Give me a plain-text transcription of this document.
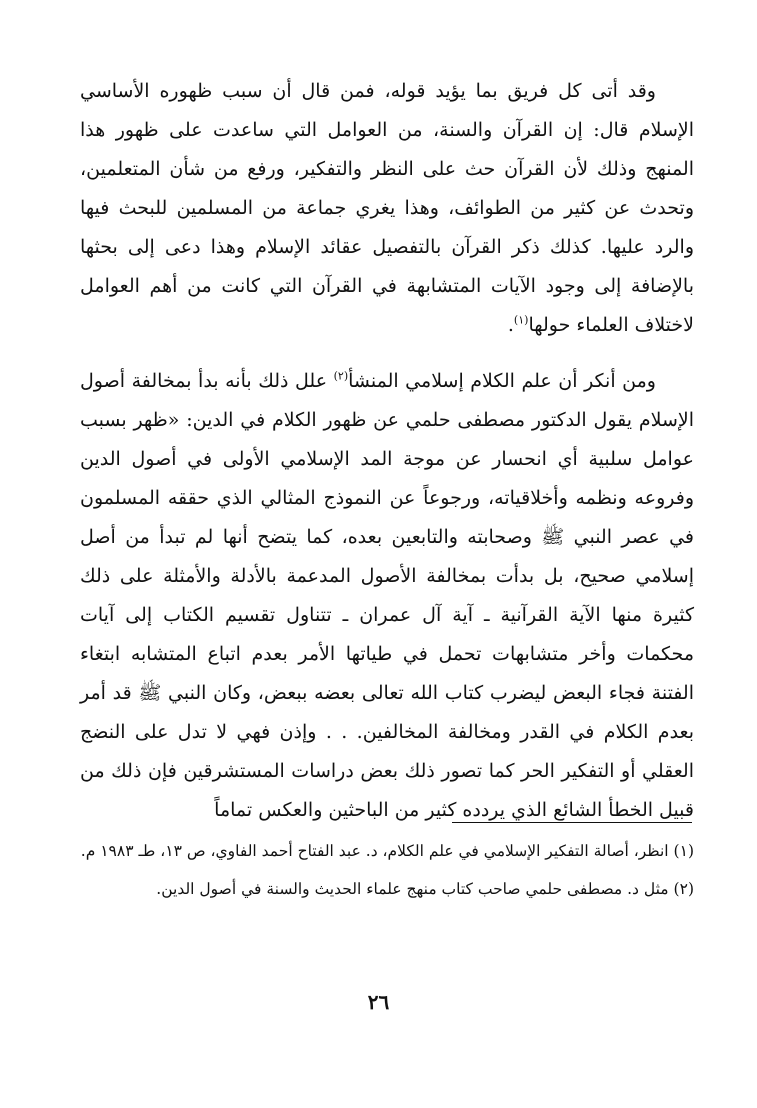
وقد أتى كل فريق بما يؤيد قوله، فمن قال أن سبب ظهوره الأساسي الإسلام قال: إن القرآن والسنة، من العوامل التي ساعدت على ظهور هذا المنهج وذلك لأن القرآن حث على النظر والتفكير، ورفع من شأن المتعلمين، وتحدث عن كثير من الطوائف، وهذا يغري جماعة من المسلمين للبحث فيها والرد عليها. كذلك ذكر القرآن بالتفصيل عقائد الإسلام وهذا دعى إلى بحثها بالإضافة إلى وجود الآيات المتشابهة في القرآن التي كانت من أهم العوامل لاختلاف العلماء حولها$^{(١)}$.

ومن أنكر أن علم الكلام إسلامي المنشأ$^{(٢)}$ علل ذلك بأنه بدأ بمخالفة أصول الإسلام يقول الدكتور مصطفى حلمي عن ظهور الكلام في الدين: «ظهر بسبب عوامل سلبية أي انحسار عن موجة المد الإسلامي الأولى في أصول الدين وفروعه ونظمه وأخلاقياته، ورجوعاً عن النموذج المثالي الذي حققه المسلمون في عصر النبي ﷺ وصحابته والتابعين بعده، كما يتضح أنها لم تبدأ من أصل إسلامي صحيح، بل بدأت بمخالفة الأصول المدعمة بالأدلة والأمثلة على ذلك كثيرة منها الآية القرآنية ـ آية آل عمران ـ تتناول تقسيم الكتاب إلى آيات محكمات وأخر متشابهات تحمل في طياتها الأمر بعدم اتباع المتشابه ابتغاء الفتنة فجاء البعض ليضرب كتاب الله تعالى بعضه ببعض، وكان النبي ﷺ قد أمر بعدم الكلام في القدر ومخالفة المخالفين. . . وإذن فهي لا تدل على النضج العقلي أو التفكير الحر كما تصور ذلك بعض دراسات المستشرقين فإن ذلك من قبيل الخطأ الشائع الذي يردده كثير من الباحثين والعكس تماماً

(١) انظر، أصالة التفكير الإسلامي في علم الكلام، د. عبد الفتاح أحمد الفاوي، ص ١٣، طـ ١٩٨٣ م.

(٢) مثل د. مصطفى حلمي صاحب كتاب منهج علماء الحديث والسنة في أصول الدين.

٢٦
